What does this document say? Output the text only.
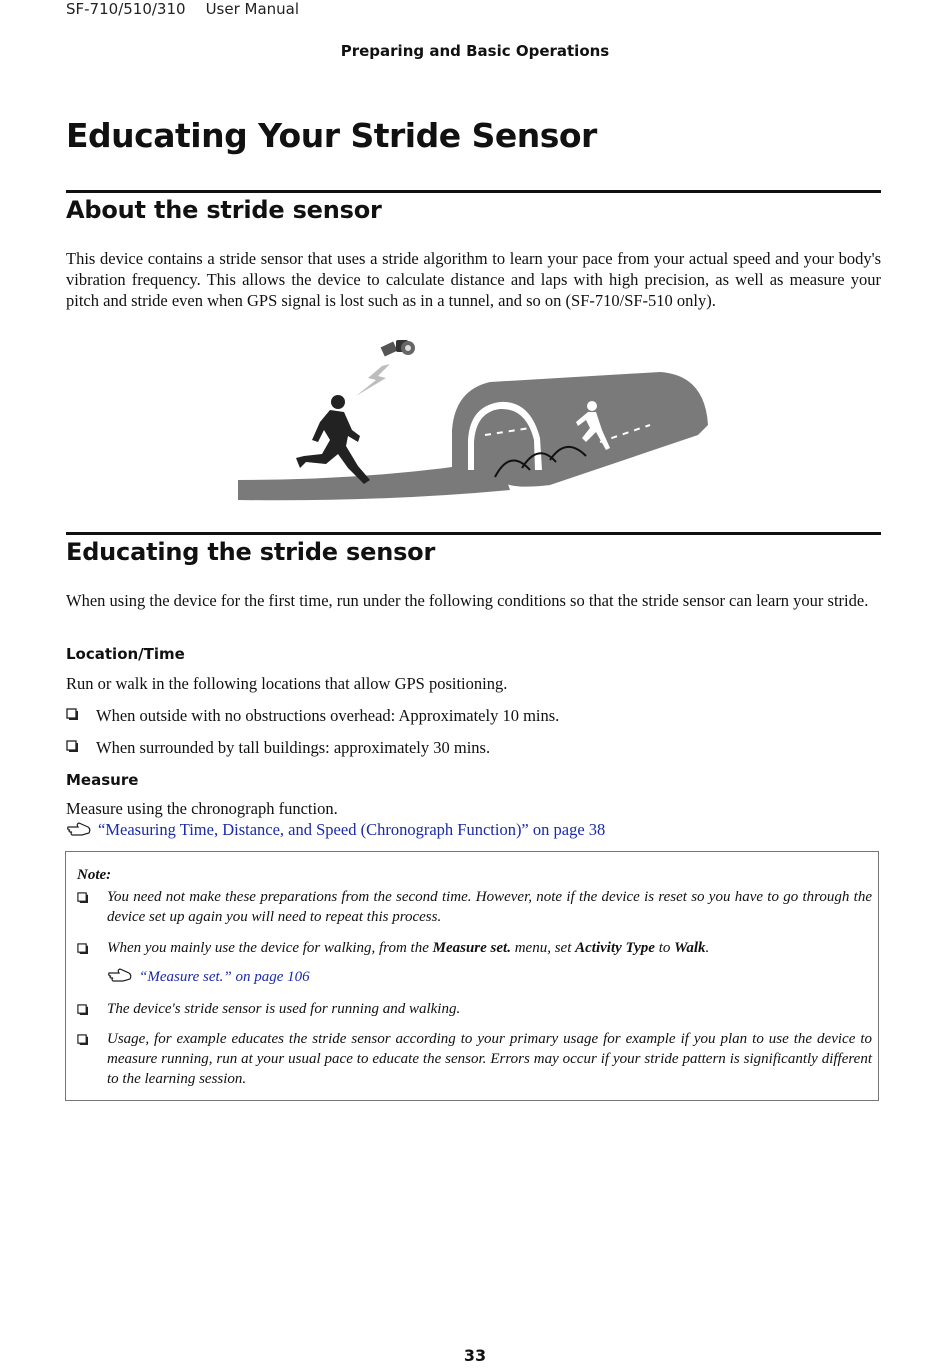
SF-710/510/310 User Manual
Preparing and Basic Operations
Educating Your Stride Sensor
About the stride sensor

This device contains a stride sensor that uses a stride algorithm to learn your pace from your actual speed and your body's vibration frequency. This allows the device to calculate distance and laps with high precision, as well as measure your pitch and stride even when GPS signal is lost such as in a tunnel, and so on (SF-710/SF-510 only).

Educating the stride sensor

When using the device for the first time, run under the following conditions so that the stride sensor can learn your stride.

Location/Time

Run or walk in the following locations that allow GPS positioning.

When outside with no obstructions overhead: Approximately 10 mins.
When surrounded by tall buildings: approximately 30 mins.
Measure

Measure using the chronograph function.

“Measuring Time, Distance, and Speed (Chronograph Function)” on page 38
Note:
You need not make these preparations from the second time. However, note if the device is reset so you have to go through the device set up again you will need to repeat this process.
When you mainly use the device for walking, from the Measure set. menu, set Activity Type to Walk.
“Measure set.” on page 106
The device's stride sensor is used for running and walking.
Usage, for example educates the stride sensor according to your primary usage for example if you plan to use the device to measure running, run at your usual pace to educate the sensor. Errors may occur if your stride pattern is significantly different to the learning session.
33
